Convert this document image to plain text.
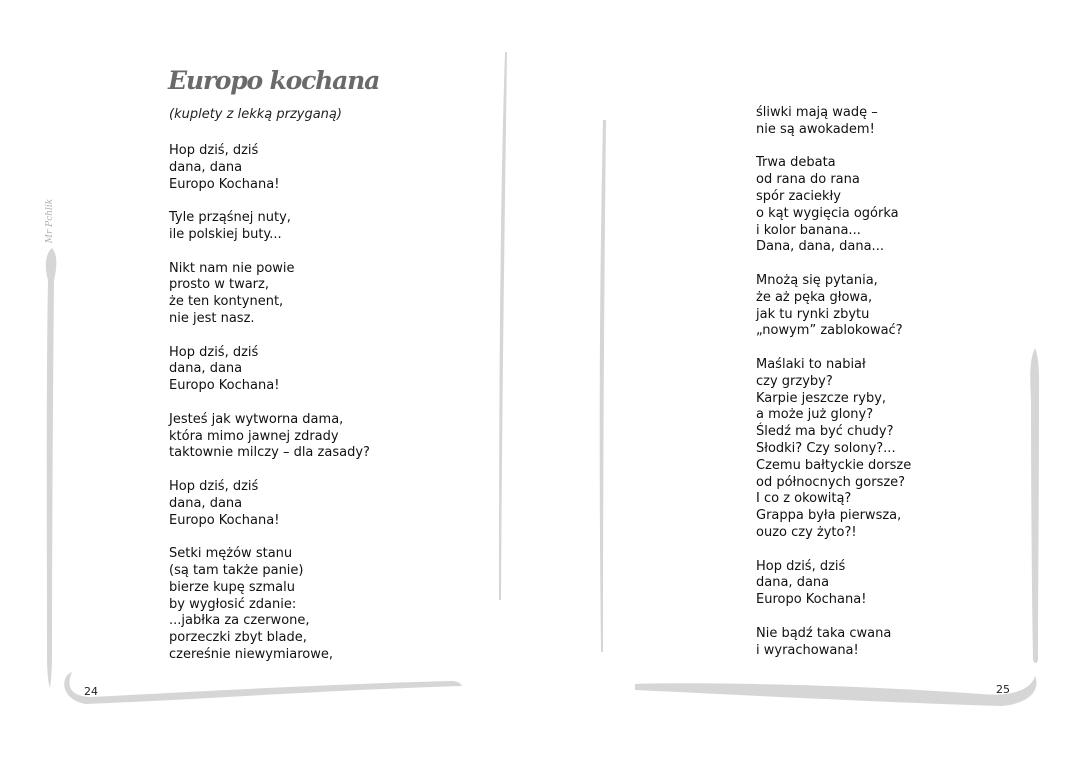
Mr Pchlik
Europo kochana
(kuplety z lekką przyganą)
Hop dziś, dziś
dana, dana
Europo Kochana!
Tyle prząśnej nuty,
ile polskiej buty...
Nikt nam nie powie
prosto w twarz,
że ten kontynent,
nie jest nasz.
Hop dziś, dziś
dana, dana
Europo Kochana!
Jesteś jak wytworna dama,
która mimo jawnej zdrady
taktownie milczy – dla zasady?
Hop dziś, dziś
dana, dana
Europo Kochana!
Setki mężów stanu
(są tam także panie)
bierze kupę szmalu
by wygłosić zdanie:
...jabłka za czerwone,
porzeczki zbyt blade,
czereśnie niewymiarowe,
24
śliwki mają wadę –
nie są awokadem!
Trwa debata
od rana do rana
spór zaciekły
o kąt wygięcia ogórka
i kolor banana...
Dana, dana, dana...
Mnożą się pytania,
że aż pęka głowa,
jak tu rynki zbytu
„nowym” zablokować?
Maślaki to nabiał
czy grzyby?
Karpie jeszcze ryby,
a może już glony?
Śledź ma być chudy?
Słodki? Czy solony?...
Czemu bałtyckie dorsze
od północnych gorsze?
I co z okowitą?
Grappa była pierwsza,
ouzo czy żyto?!
Hop dziś, dziś
dana, dana
Europo Kochana!
Nie bądź taka cwana
i wyrachowana!
25
